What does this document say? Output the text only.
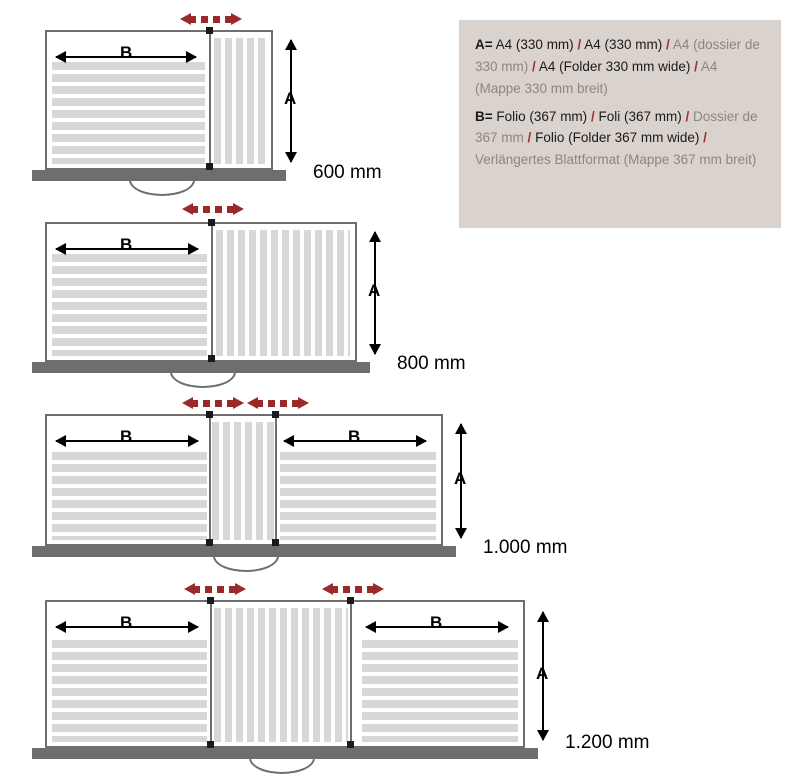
A= A4 (330 mm) / A4 (330 mm) / A4 (dossier de 330 mm) / A4 (Folder 330 mm wide) / A4 (Mappe 330 mm breit)

B= Folio (367 mm) / Foli (367 mm) / Dossier de 367 mm / Folio (Folder 367 mm wide) / Verlängertes Blattformat (Mappe 367 mm breit)

B
A
600 mm
B
A
800 mm
B	B
A
1.000 mm
B	B
A
1.200 mm
